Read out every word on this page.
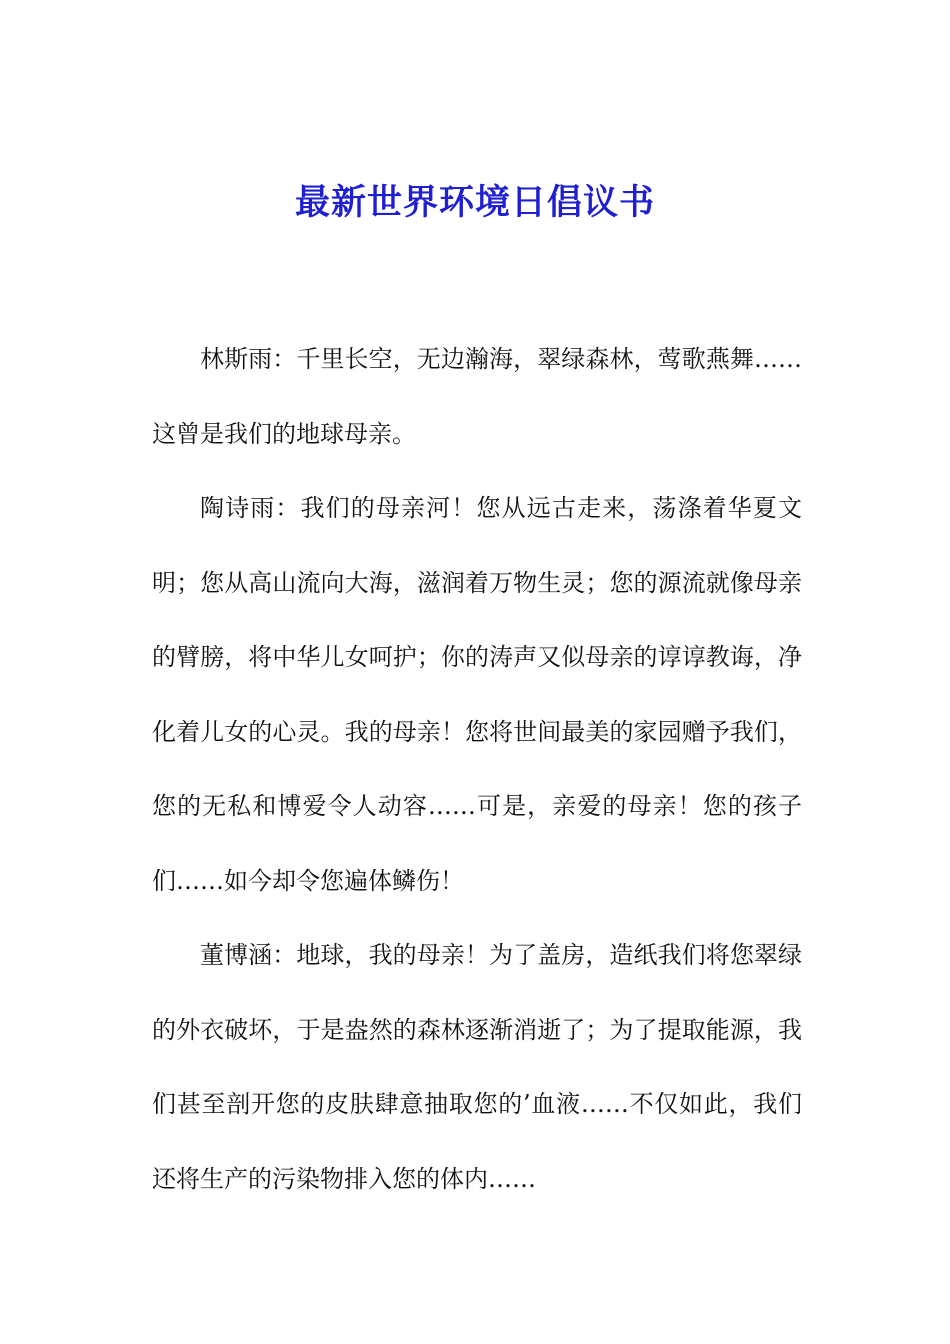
最新世界环境日倡议书

林斯雨：千里长空，无边瀚海，翠绿森林，莺歌燕舞……这曾是我们的地球母亲。

陶诗雨：我们的母亲河！您从远古走来，荡涤着华夏文明；您从高山流向大海，滋润着万物生灵；您的源流就像母亲的臂膀，将中华儿女呵护；你的涛声又似母亲的谆谆教诲，净化着儿女的心灵。我的母亲！您将世间最美的家园赠予我们，您的无私和博爱令人动容……可是，亲爱的母亲！您的孩子们……如今却令您遍体鳞伤！

董博涵：地球，我的母亲！为了盖房，造纸我们将您翠绿的外衣破坏，于是盎然的森林逐渐消逝了；为了提取能源，我们甚至剖开您的皮肤肆意抽取您的’血液……不仅如此，我们还将生产的污染物排入您的体内……
